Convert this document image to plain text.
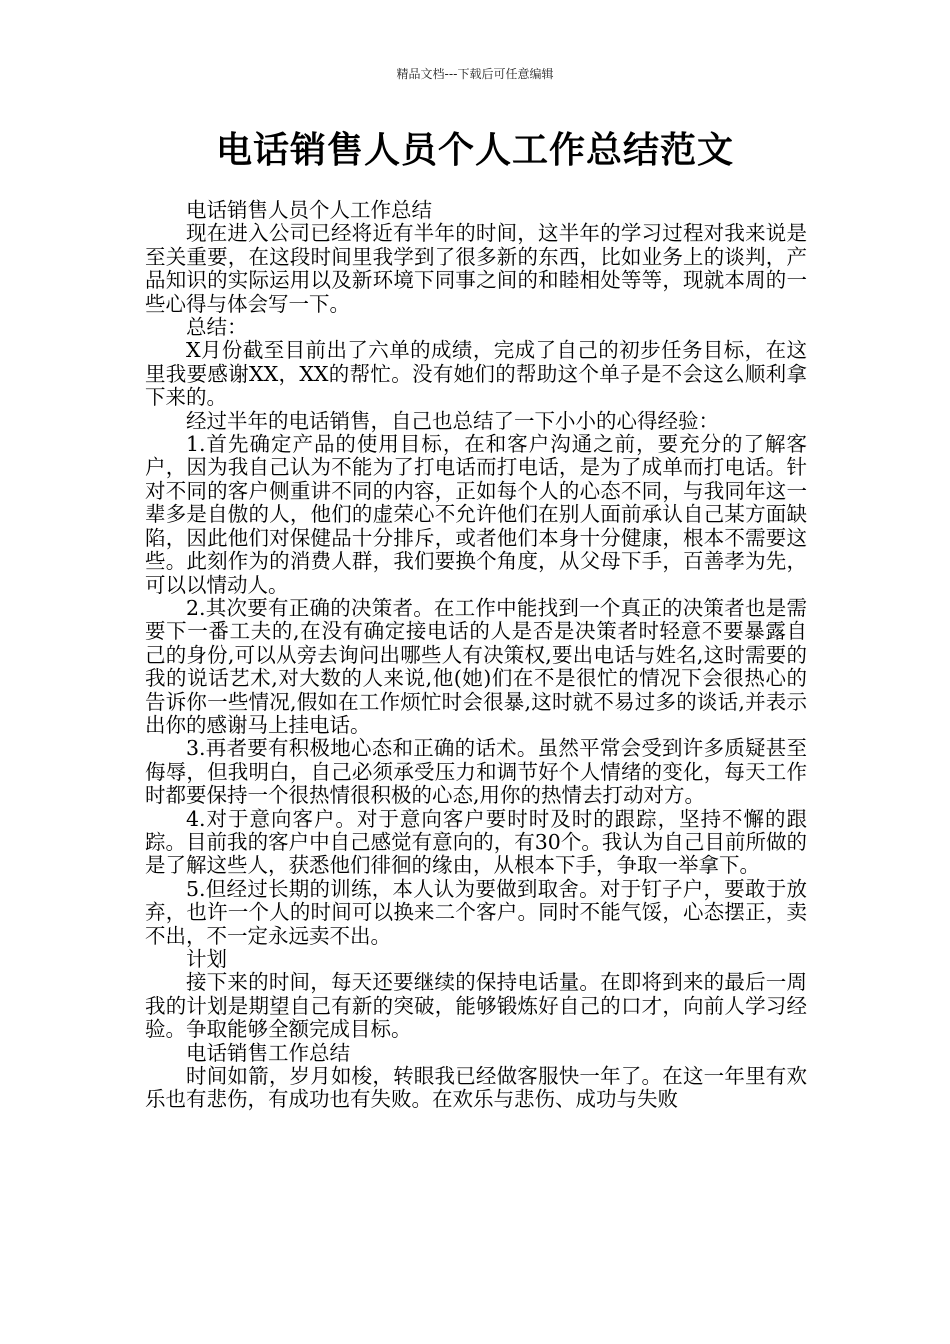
精品文档---下载后可任意编辑
电话销售人员个人工作总结范文

电话销售人员个人工作总结

现在进入公司已经将近有半年的时间，这半年的学习过程对我来说是至关重要，在这段时间里我学到了很多新的东西，比如业务上的谈判，产品知识的实际运用以及新环境下同事之间的和睦相处等等，现就本周的一些心得与体会写一下。

总结：

X月份截至目前出了六单的成绩，完成了自己的初步任务目标，在这里我要感谢XX，XX的帮忙。没有她们的帮助这个单子是不会这么顺利拿下来的。

经过半年的电话销售，自己也总结了一下小小的心得经验：

1.首先确定产品的使用目标，在和客户沟通之前，要充分的了解客户，因为我自己认为不能为了打电话而打电话，是为了成单而打电话。针对不同的客户侧重讲不同的内容，正如每个人的心态不同，与我同年这一辈多是自傲的人，他们的虚荣心不允许他们在别人面前承认自己某方面缺陷，因此他们对保健品十分排斥，或者他们本身十分健康，根本不需要这些。此刻作为的消费人群，我们要换个角度，从父母下手，百善孝为先，可以以情动人。

2.其次要有正确的决策者。在工作中能找到一个真正的决策者也是需要下一番工夫的,在没有确定接电话的人是否是决策者时轻意不要暴露自己的身份,可以从旁去询问出哪些人有决策权,要出电话与姓名,这时需要的我的说话艺术,对大数的人来说,他(她)们在不是很忙的情况下会很热心的告诉你一些情况,假如在工作烦忙时会很暴,这时就不易过多的谈话,并表示出你的感谢马上挂电话。

3.再者要有积极地心态和正确的话术。虽然平常会受到许多质疑甚至侮辱，但我明白，自己必须承受压力和调节好个人情绪的变化，每天工作时都要保持一个很热情很积极的心态,用你的热情去打动对方。

4.对于意向客户。对于意向客户要时时及时的跟踪，坚持不懈的跟踪。目前我的客户中自己感觉有意向的，有30个。我认为自己目前所做的是了解这些人，获悉他们徘徊的缘由，从根本下手，争取一举拿下。

5.但经过长期的训练，本人认为要做到取舍。对于钉子户，要敢于放弃，也许一个人的时间可以换来二个客户。同时不能气馁，心态摆正，卖不出，不一定永远卖不出。

计划

接下来的时间，每天还要继续的保持电话量。在即将到来的最后一周我的计划是期望自己有新的突破，能够锻炼好自己的口才，向前人学习经验。争取能够全额完成目标。

电话销售工作总结

时间如箭，岁月如梭，转眼我已经做客服快一年了。在这一年里有欢乐也有悲伤，有成功也有失败。在欢乐与悲伤、成功与失败
